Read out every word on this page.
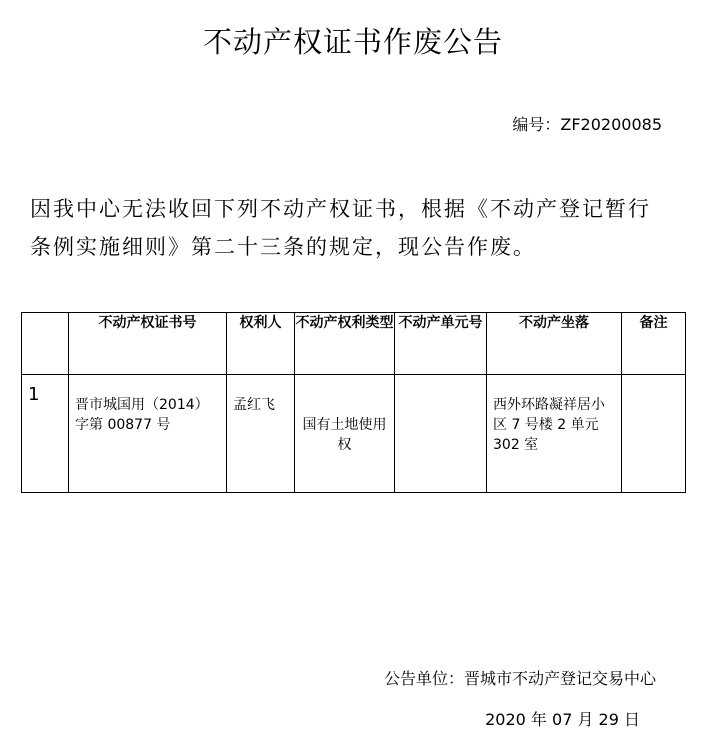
不动产权证书作废公告
编号：ZF20200085

因我中心无法收回下列不动产权证书，根据《不动产登记暂行
条例实施细则》第二十三条的规定，现公告作废。

	不动产权证书号	权利人	不动产权利类型	不动产单元号	不动产坐落	备注
1	晋市城国用（2014）字第 00877 号	孟红飞	国有土地使用权		西外环路凝祥居小区 7 号楼 2 单元 302 室	
公告单位：晋城市不动产登记交易中心
2020 年 07 月 29 日
